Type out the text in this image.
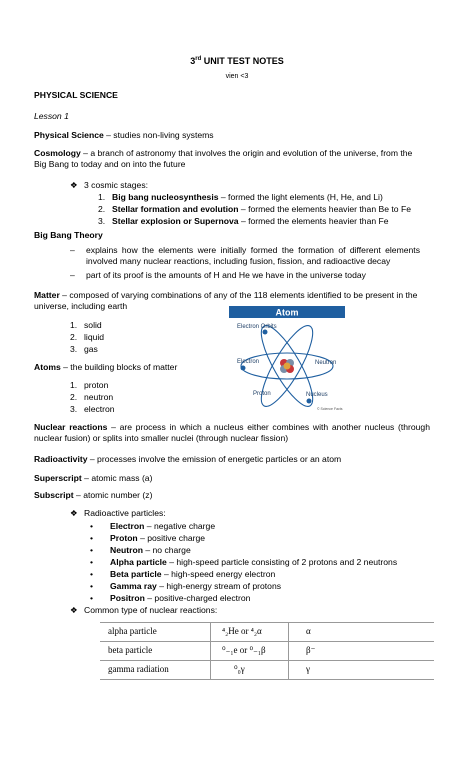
3rd UNIT TEST NOTES
vien <3
PHYSICAL SCIENCE
Lesson 1
Physical Science – studies non-living systems
Cosmology – a branch of astronomy that involves the origin and evolution of the universe, from the Big Bang to today and on into the future
❖ 3 cosmic stages:
1. Big bang nucleosynthesis – formed the light elements (H, He, and Li)
2. Stellar formation and evolution – formed the elements heavier than Be to Fe
3. Stellar explosion or Supernova – formed the elements heavier than Fe
Big Bang Theory
–	explains how the elements were initially formed the formation of different elements involved many nuclear reactions, including fusion, fission, and radioactive decay
– part of its proof is the amounts of H and He we have in the universe today
Matter – composed of varying combinations of any of the 118 elements identified to be present in the universe, including earth
1. solid
2. liquid
3. gas
Atoms – the building blocks of matter
1. proton
2. neutron
3. electron
Atom
Electron Orbits
Electron	Neutron
Proton	Nucleus
© Science Facts
Nuclear reactions – are process in which a nucleus either combines with another nucleus (through nuclear fusion) or splits into smaller nuclei (through nuclear fission)
Radioactivity – processes involve the emission of energetic particles or an atom
Superscript – atomic mass (a)
Subscript – atomic number (z)
❖ Radioactive particles:
• Electron – negative charge
• Proton – positive charge
• Neutron – no charge
• Alpha particle – high-speed particle consisting of 2 protons and 2 neutrons
• Beta particle – high-speed energy electron
• Gamma ray – high-energy stream of protons
• Positron – positive-charged electron
❖ Common type of nuclear reactions:
alpha particle	⁴₂He or ⁴₂α	α
beta particle	⁰₋₁e or ⁰₋₁β	β⁻
gamma radiation	⁰₀γ	γ
